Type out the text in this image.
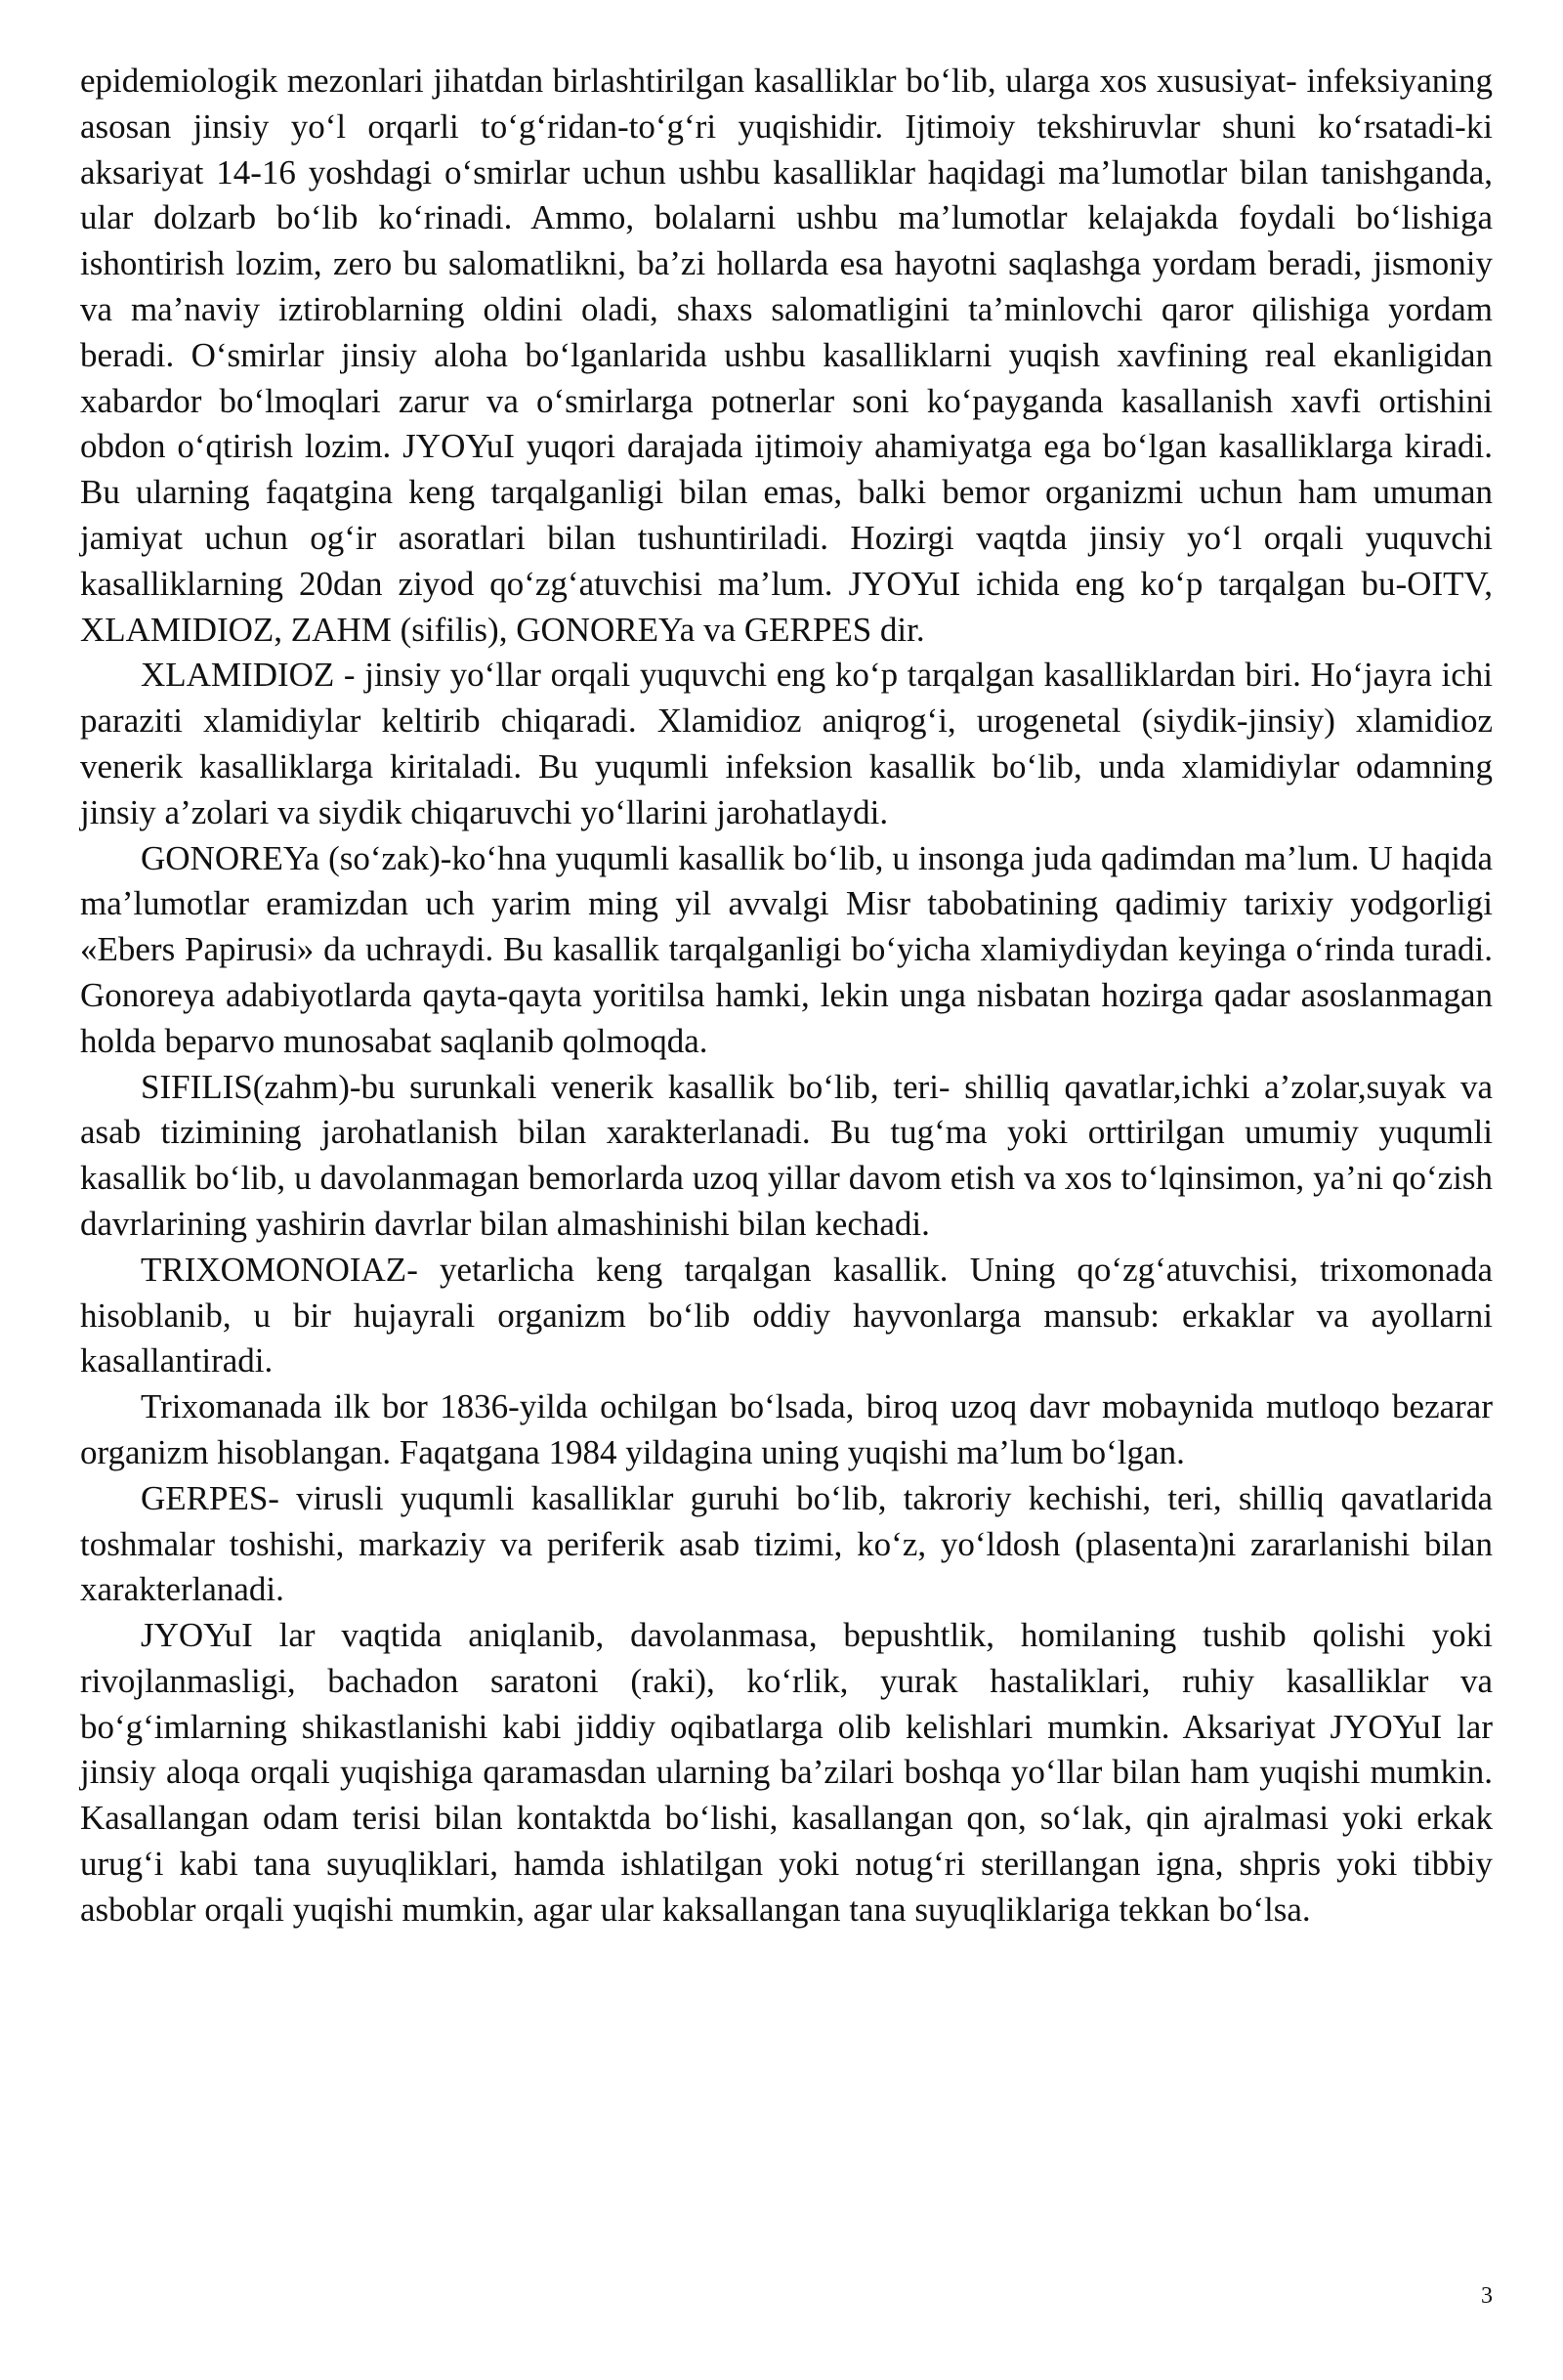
epidemiologik mezonlari jihatdan birlashtirilgan kasalliklar bo‘lib, ularga xos xususiyat- infeksiyaning asosan jinsiy yo‘l orqarli to‘g‘ridan-to‘g‘ri yuqishidir. Ijtimoiy tekshiruvlar shuni ko‘rsatadi-ki aksariyat 14-16 yoshdagi o‘smirlar uchun ushbu kasalliklar haqidagi ma’lumotlar bilan tanishganda, ular dolzarb bo‘lib ko‘rinadi. Ammo, bolalarni ushbu ma’lumotlar kelajakda foydali bo‘lishiga ishontirish lozim, zero bu salomatlikni, ba’zi hollarda esa hayotni saqlashga yordam beradi, jismoniy va ma’naviy iztiroblarning oldini oladi, shaxs salomatligini ta’minlovchi qaror qilishiga yordam beradi. O‘smirlar jinsiy aloha bo‘lganlarida ushbu kasalliklarni yuqish xavfining real ekanligidan xabardor bo‘lmoqlari zarur va o‘smirlarga potnerlar soni ko‘payganda kasallanish xavfi ortishini obdon o‘qtirish lozim. JYOYuI yuqori darajada ijtimoiy ahamiyatga ega bo‘lgan kasalliklarga kiradi. Bu ularning faqatgina keng tarqalganligi bilan emas, balki bemor organizmi uchun ham umuman jamiyat uchun og‘ir asoratlari bilan tushuntiriladi. Hozirgi vaqtda jinsiy yo‘l orqali yuquvchi kasalliklarning 20dan ziyod qo‘zg‘atuvchisi ma’lum. JYOYuI ichida eng ko‘p tarqalgan bu-OITV, XLAMIDIOZ, ZAHM (sifilis), GONOREYa va GERPES dir.

XLAMIDIOZ - jinsiy yo‘llar orqali yuquvchi eng ko‘p tarqalgan kasalliklardan biri. Ho‘jayra ichi paraziti xlamidiylar keltirib chiqaradi. Xlamidioz aniqrog‘i, urogenetal (siydik-jinsiy) xlamidioz venerik kasalliklarga kiritaladi. Bu yuqumli infeksion kasallik bo‘lib, unda xlamidiylar odamning jinsiy a’zolari va siydik chiqaruvchi yo‘llarini jarohatlaydi.

GONOREYa (so‘zak)-ko‘hna yuqumli kasallik bo‘lib, u insonga juda qadimdan ma’lum. U haqida ma’lumotlar eramizdan uch yarim ming yil avvalgi Misr tabobatining qadimiy tarixiy yodgorligi «Ebers Papirusi» da uchraydi. Bu kasallik tarqalganligi bo‘yicha xlamiydiydan keyinga o‘rinda turadi. Gonoreya adabiyotlarda qayta-qayta yoritilsa hamki, lekin unga nisbatan hozirga qadar asoslanmagan holda beparvo munosabat saqlanib qolmoqda.

SIFILIS(zahm)-bu surunkali venerik kasallik bo‘lib, teri- shilliq qavatlar,ichki a’zolar,suyak va asab tizimining jarohatlanish bilan xarakterlanadi. Bu tug‘ma yoki orttirilgan umumiy yuqumli kasallik bo‘lib, u davolanmagan bemorlarda uzoq yillar davom etish va xos to‘lqinsimon, ya’ni qo‘zish davrlarining yashirin davrlar bilan almashinishi bilan kechadi.

TRIXOMONOIAZ- yetarlicha keng tarqalgan kasallik. Uning qo‘zg‘atuvchisi, trixomonada hisoblanib, u bir hujayrali organizm bo‘lib oddiy hayvonlarga mansub: erkaklar va ayollarni kasallantiradi.

Trixomanada ilk bor 1836-yilda ochilgan bo‘lsada, biroq uzoq davr mobaynida mutloqo bezarar organizm hisoblangan. Faqatgana 1984 yildagina uning yuqishi ma’lum bo‘lgan.

GERPES- virusli yuqumli kasalliklar guruhi bo‘lib, takroriy kechishi, teri, shilliq qavatlarida toshmalar toshishi, markaziy va periferik asab tizimi, ko‘z, yo‘ldosh (plasenta)ni zararlanishi bilan xarakterlanadi.

JYOYuI lar vaqtida aniqlanib, davolanmasa, bepushtlik, homilaning tushib qolishi yoki rivojlanmasligi, bachadon saratoni (raki), ko‘rlik, yurak hastaliklari, ruhiy kasalliklar va bo‘g‘imlarning shikastlanishi kabi jiddiy oqibatlarga olib kelishlari mumkin. Aksariyat JYOYuI lar jinsiy aloqa orqali yuqishiga qaramasdan ularning ba’zilari boshqa yo‘llar bilan ham yuqishi mumkin. Kasallangan odam terisi bilan kontaktda bo‘lishi, kasallangan qon, so‘lak, qin ajralmasi yoki erkak urug‘i kabi tana suyuqliklari, hamda ishlatilgan yoki notug‘ri sterillangan igna, shpris yoki tibbiy asboblar orqali yuqishi mumkin, agar ular kaksallangan tana suyuqliklariga tekkan bo‘lsa.

3
